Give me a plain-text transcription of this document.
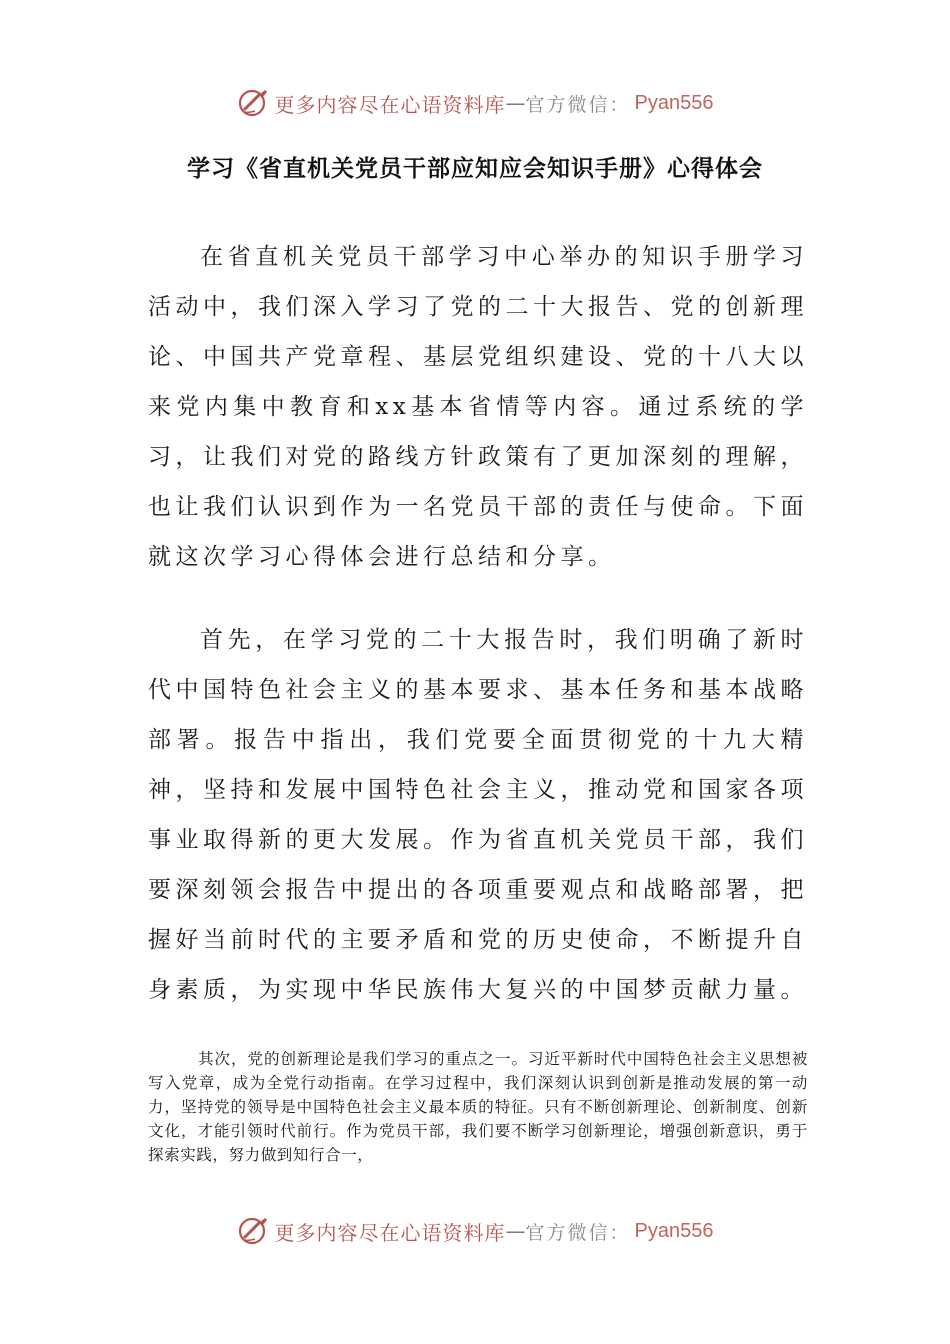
更多内容尽在心语资料库 — 官方微信： Pyan556
学习《省直机关党员干部应知应会知识手册》心得体会

在省直机关党员干部学习中心举办的知识手册学习活动中，我们深入学习了党的二十大报告、党的创新理论、中国共产党章程、基层党组织建设、党的十八大以来党内集中教育和xx基本省情等内容。通过系统的学习，让我们对党的路线方针政策有了更加深刻的理解，也让我们认识到作为一名党员干部的责任与使命。下面就这次学习心得体会进行总结和分享。

首先，在学习党的二十大报告时，我们明确了新时代中国特色社会主义的基本要求、基本任务和基本战略部署。报告中指出，我们党要全面贯彻党的十九大精神，坚持和发展中国特色社会主义，推动党和国家各项事业取得新的更大发展。作为省直机关党员干部，我们要深刻领会报告中提出的各项重要观点和战略部署，把握好当前时代的主要矛盾和党的历史使命，不断提升自身素质，为实现中华民族伟大复兴的中国梦贡献力量。

其次，党的创新理论是我们学习的重点之一。习近平新时代中国特色社会主义思想被写入党章，成为全党行动指南。在学习过程中，我们深刻认识到创新是推动发展的第一动力，坚持党的领导是中国特色社会主义最本质的特征。只有不断创新理论、创新制度、创新文化，才能引领时代前行。作为党员干部，我们要不断学习创新理论，增强创新意识，勇于探索实践，努力做到知行合一，

更多内容尽在心语资料库 — 官方微信： Pyan556
